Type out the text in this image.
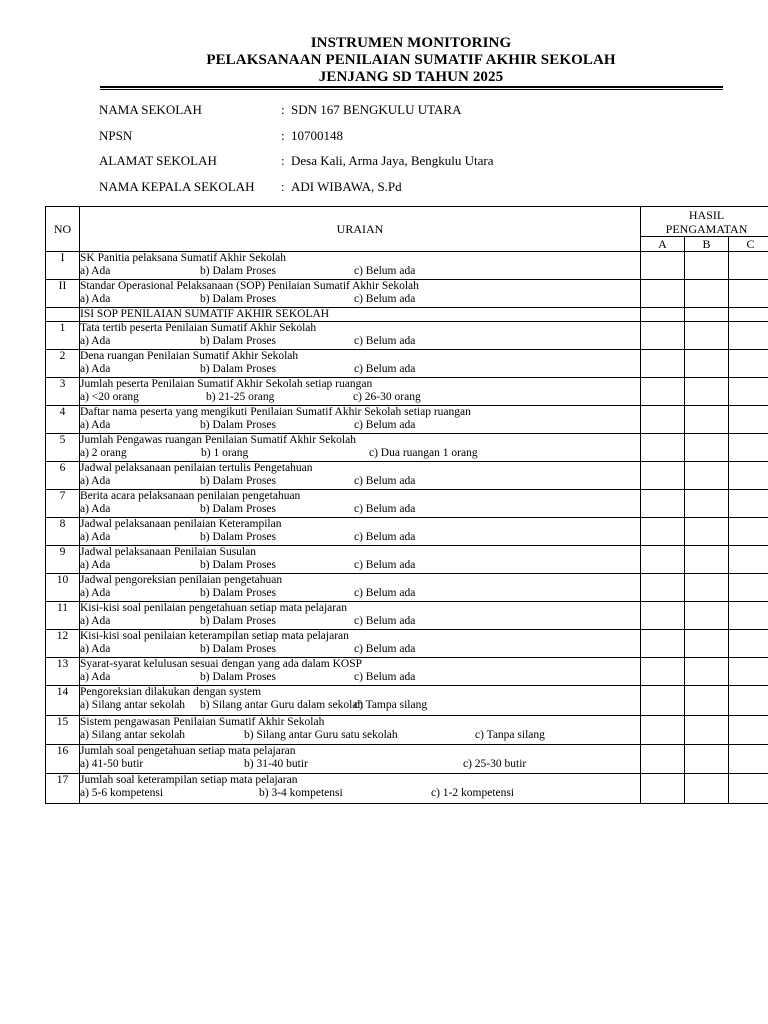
INSTRUMEN MONITORING
PELAKSANAAN PENILAIAN SUMATIF AKHIR SEKOLAH
JENJANG SD TAHUN 2025
NAMA SEKOLAH	: SDN 167 BENGKULU UTARA
NPSN	: 10700148
ALAMAT SEKOLAH	: Desa Kali, Arma Jaya, Bengkulu Utara
NAMA KEPALA SEKOLAH : ADI WIBAWA, S.Pd
NO	URAIAN	HASIL
PENGAMATAN		

		A	B	C
I	SK Panitia pelaksana Sumatif Akhir Sekolah
a) Ada b) Dalam Proses c) Belum ada			

II	Standar Operasional Pelaksanaan (SOP) Penilaian Sumatif Akhir Sekolah
a) Ada b) Dalam Proses c) Belum ada			

	ISI SOP PENILAIAN SUMATIF AKHIR SEKOLAH			
1	Tata tertib peserta Penilaian Sumatif Akhir Sekolah
a) Ada b) Dalam Proses c) Belum ada			

2	Dena ruangan Penilaian Sumatif Akhir Sekolah
a) Ada b) Dalam Proses c) Belum ada			

3	Jumlah peserta Penilaian Sumatif Akhir Sekolah setiap ruangan
a) <20 orang b) 21-25 orang c) 26-30 orang			

4	Daftar nama peserta yang mengikuti Penilaian Sumatif Akhir Sekolah setiap ruangan
a) Ada b) Dalam Proses c) Belum ada			

5	Jumlah Pengawas ruangan Penilaian Sumatif Akhir Sekolah
a) 2 orang b) 1 orang c) Dua ruangan 1 orang			

6	Jadwal pelaksanaan penilaian tertulis Pengetahuan
a) Ada b) Dalam Proses c) Belum ada			

7	Berita acara pelaksanaan penilaian pengetahuan
a) Ada b) Dalam Proses c) Belum ada			

8	Jadwal pelaksanaan penilaian Keterampilan
a) Ada b) Dalam Proses c) Belum ada			

9	Jadwal pelaksanaan Penilaian Susulan
a) Ada b) Dalam Proses c) Belum ada			

10	Jadwal pengoreksian penilaian pengetahuan
a) Ada b) Dalam Proses c) Belum ada			

11	Kisi-kisi soal penilaian pengetahuan setiap mata pelajaran
a) Ada b) Dalam Proses c) Belum ada			

12	Kisi-kisi soal penilaian keterampilan setiap mata pelajaran
a) Ada b) Dalam Proses c) Belum ada			

13	Syarat-syarat kelulusan sesuai dengan yang ada dalam KOSP
a) Ada b) Dalam Proses c) Belum ada			

14	Pengoreksian dilakukan dengan system
a) Silang antar sekolah b) Silang antar Guru dalam sekolah
c) Tampa silang			

15	Sistem pengawasan Penilaian Sumatif Akhir Sekolah
a) Silang antar sekolah b) Silang antar Guru satu sekolah c) Tanpa silang			

16	Jumlah soal pengetahuan setiap mata pelajaran
a) 41-50 butir b) 31-40 butir c) 25-30 butir			

17	Jumlah soal keterampilan setiap mata pelajaran
a) 5-6 kompetensi b) 3-4 kompetensi c) 1-2 kompetensi			
